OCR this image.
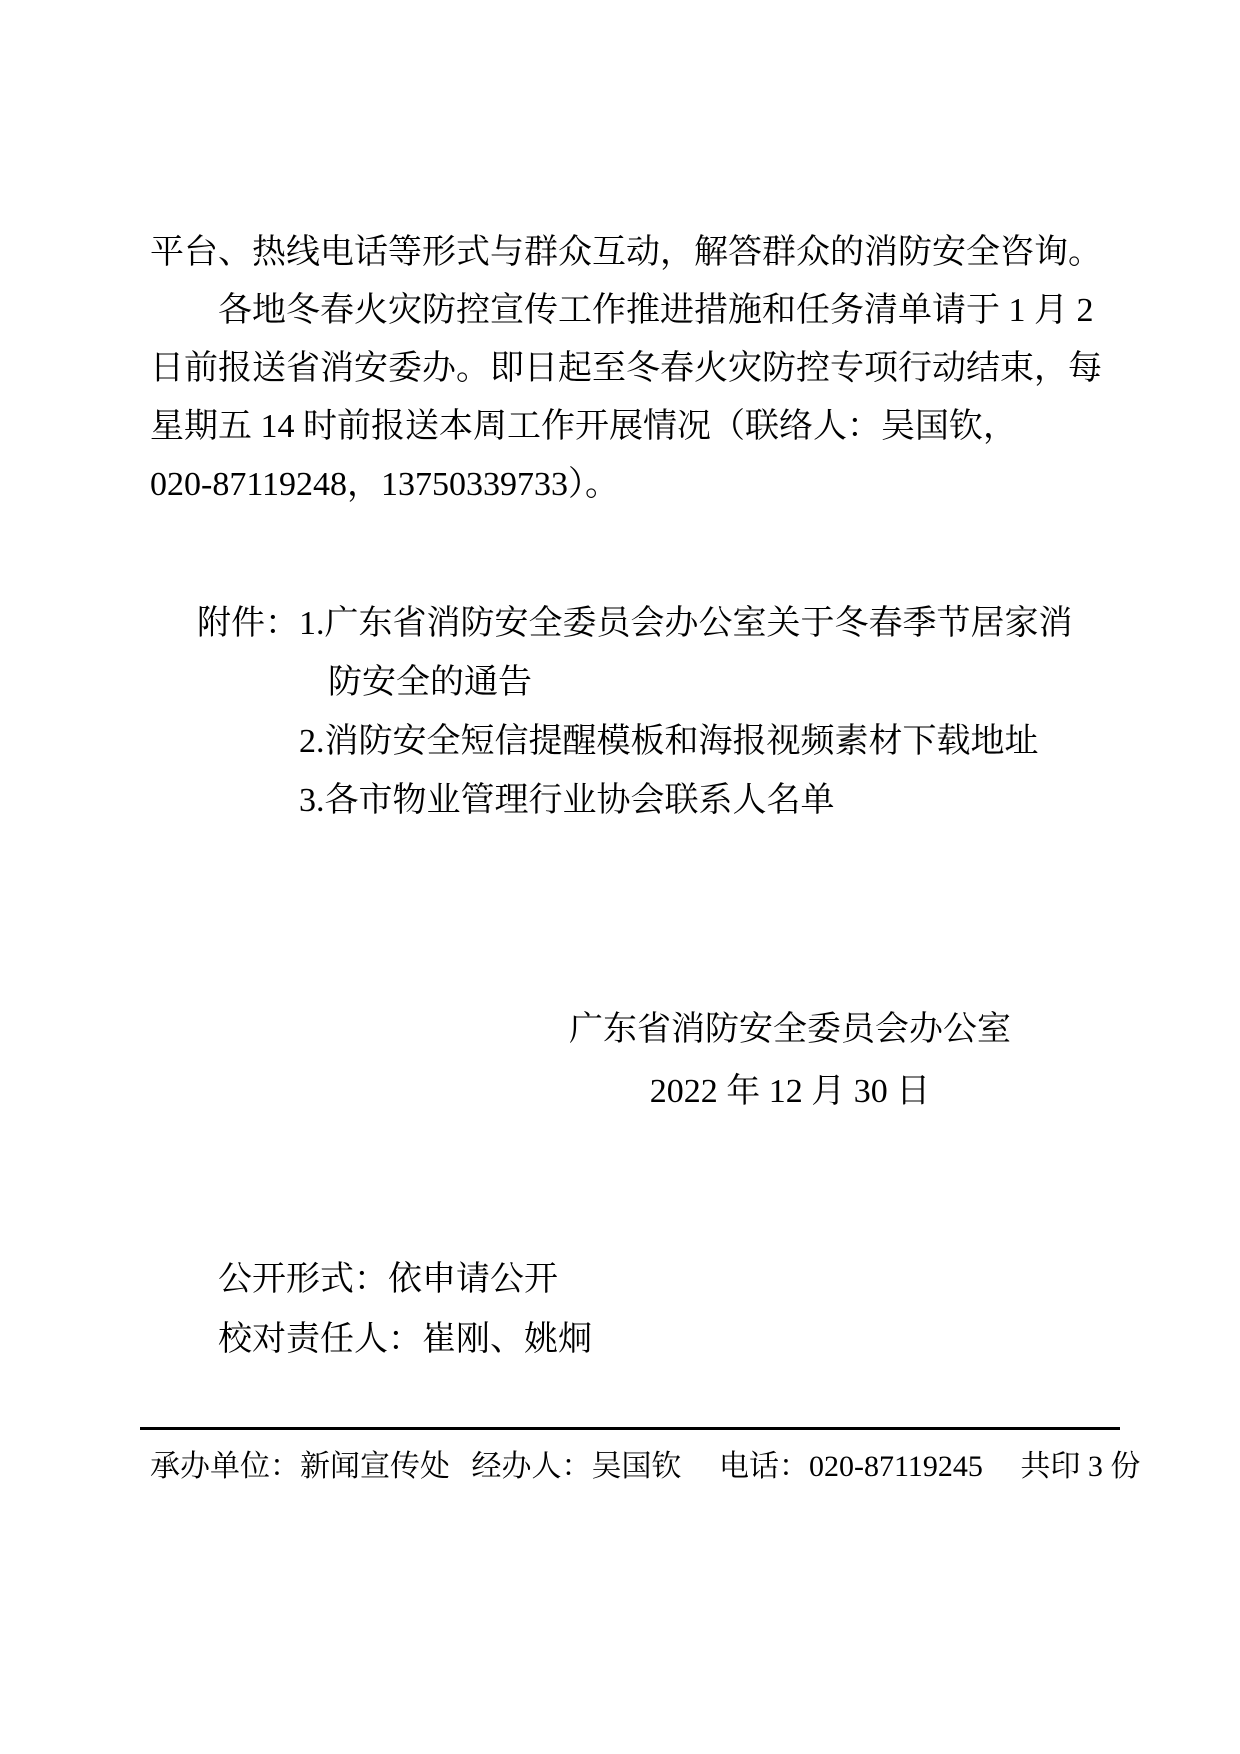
平台、热线电话等形式与群众互动，解答群众的消防安全咨询。
各地冬春火灾防控宣传工作推进措施和任务清单请于 1 月 2
日前报送省消安委办。即日起至冬春火灾防控专项行动结束，每
星期五 14 时前报送本周工作开展情况（联络人：吴国钦，
020-87119248，13750339733）。
附件： 1.广东省消防安全委员会办公室关于冬春季节居家消
防安全的通告
2.消防安全短信提醒模板和海报视频素材下载地址
3.各市物业管理行业协会联系人名单
广东省消防安全委员会办公室
2022 年 12 月 30 日
公开形式：依申请公开
校对责任人：崔刚、姚炯
承办单位：新闻宣传处 经办人：吴国钦 电话：020-87119245 共印 3 份
